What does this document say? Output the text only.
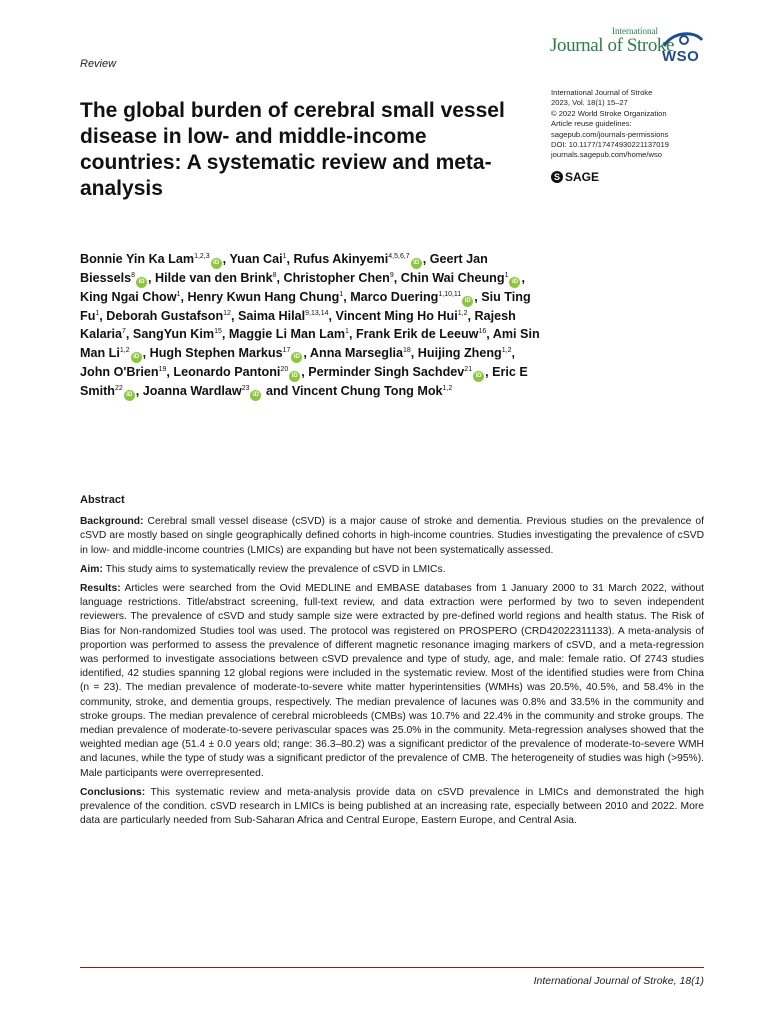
Review
International
Journal of Stroke
WSO
International Journal of Stroke
2023, Vol. 18(1) 15–27
© 2022 World Stroke Organization
Article reuse guidelines:
sagepub.com/journals-permissions
DOI: 10.1177/17474930221137019
journals.sagepub.com/home/wso
S SAGE
The global burden of cerebral small vessel disease in low- and middle-income countries: A systematic review and meta-analysis
Bonnie Yin Ka Lam$^{1,2,3}$iD , Yuan Cai$^1$, Rufus Akinyemi$^{4,5,6,7}$iD , Geert Jan Biessels$^8$iD , Hilde van den Brink$^8$, Christopher Chen$^9$, Chin Wai Cheung$^1$iD , King Ngai Chow$^1$, Henry Kwun Hang Chung$^1$, Marco Duering$^{1,10,11}$iD , Siu Ting Fu$^1$, Deborah Gustafson$^{12}$, Saima Hilal$^{9,13,14}$, Vincent Ming Ho Hui$^{1,2}$, Rajesh Kalaria$^7$, SangYun Kim$^{15}$, Maggie Li Man Lam$^1$, Frank Erik de Leeuw$^{16}$, Ami Sin Man Li$^{1,2}$iD , Hugh Stephen Markus$^{17}$iD , Anna Marseglia$^{18}$, Huijing Zheng$^{1,2}$, John O'Brien$^{19}$, Leonardo Pantoni$^{20}$iD , Perminder Singh Sachdev$^{21}$iD , Eric E Smith$^{22}$iD , Joanna Wardlaw$^{23}$iD and Vincent Chung Tong Mok$^{1,2}$
Abstract

Background: Cerebral small vessel disease (cSVD) is a major cause of stroke and dementia. Previous studies on the prevalence of cSVD are mostly based on single geographically defined cohorts in high-income countries. Studies investigating the prevalence of cSVD in low- and middle-income countries (LMICs) are expanding but have not been systematically assessed.

Aim: This study aims to systematically review the prevalence of cSVD in LMICs.

Results: Articles were searched from the Ovid MEDLINE and EMBASE databases from 1 January 2000 to 31 March 2022, without language restrictions. Title/abstract screening, full-text review, and data extraction were performed by two to seven independent reviewers. The prevalence of cSVD and study sample size were extracted by pre-defined world regions and health status. The Risk of Bias for Non-randomized Studies tool was used. The protocol was registered on PROSPERO (CRD42022311133). A meta-analysis of proportion was performed to assess the prevalence of different magnetic resonance imaging markers of cSVD, and a meta-regression was performed to investigate associations between cSVD prevalence and type of study, age, and male: female ratio. Of 2743 studies identified, 42 studies spanning 12 global regions were included in the systematic review. Most of the identified studies were from China (n = 23). The median prevalence of moderate-to-severe white matter hyperintensities (WMHs) was 20.5%, 40.5%, and 58.4% in the community, stroke, and dementia groups, respectively. The median prevalence of lacunes was 0.8% and 33.5% in the community and stroke groups. The median prevalence of cerebral microbleeds (CMBs) was 10.7% and 22.4% in the community and stroke groups. The median prevalence of moderate-to-severe perivascular spaces was 25.0% in the community. Meta-regression analyses showed that the weighted median age (51.4 ± 0.0 years old; range: 36.3–80.2) was a significant predictor of the prevalence of moderate-to-severe WMH and lacunes, while the type of study was a significant predictor of the prevalence of CMB. The heterogeneity of studies was high (>95%). Male participants were overrepresented.

Conclusions: This systematic review and meta-analysis provide data on cSVD prevalence in LMICs and demonstrated the high prevalence of the condition. cSVD research in LMICs is being published at an increasing rate, especially between 2010 and 2022. More data are particularly needed from Sub-Saharan Africa and Central Europe, Eastern Europe, and Central Asia.

International Journal of Stroke, 18(1)
